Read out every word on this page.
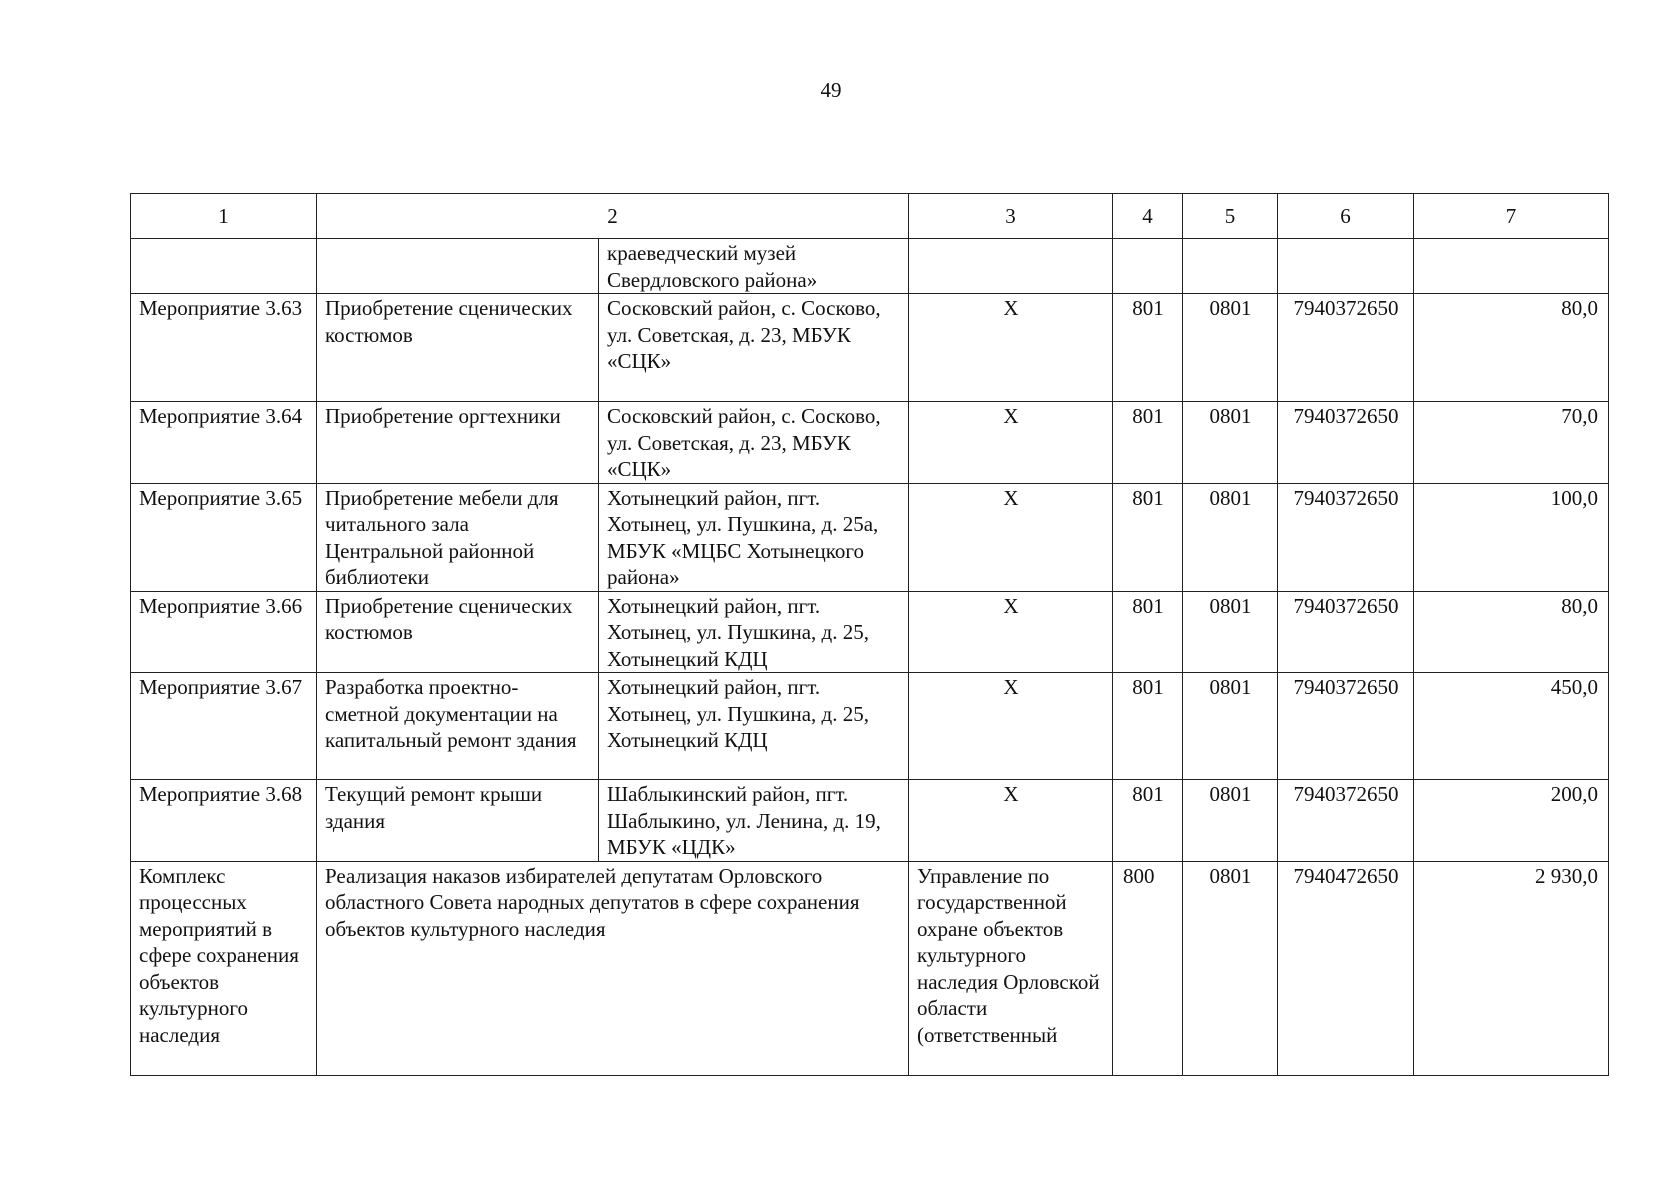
49
1	2		3	4	5	6	7
		краеведческий музей Свердловского района»					
Мероприятие 3.63	Приобретение сценических костюмов	Сосковский район, с. Сосково, ул. Советская, д. 23, МБУК «СЦК»	Х	801	0801	7940372650	80,0
Мероприятие 3.64	Приобретение оргтехники	Сосковский район, с. Сосково, ул. Советская, д. 23, МБУК «СЦК»	Х	801	0801	7940372650	70,0
Мероприятие 3.65	Приобретение мебели для читального зала Центральной районной библиотеки	Хотынецкий район, пгт. Хотынец, ул. Пушкина, д. 25а, МБУК «МЦБС Хотынецкого района»	Х	801	0801	7940372650	100,0
Мероприятие 3.66	Приобретение сценических костюмов	Хотынецкий район, пгт. Хотынец, ул. Пушкина, д. 25, Хотынецкий КДЦ	Х	801	0801	7940372650	80,0
Мероприятие 3.67	Разработка проектно-сметной документации на капитальный ремонт здания	Хотынецкий район, пгт. Хотынец, ул. Пушкина, д. 25, Хотынецкий КДЦ	Х	801	0801	7940372650	450,0
Мероприятие 3.68	Текущий ремонт крыши здания	Шаблыкинский район, пгт. Шаблыкино, ул. Ленина, д. 19, МБУК «ЦДК»	Х	801	0801	7940372650	200,0
Комплекс процессных мероприятий в сфере сохранения объектов культурного наследия	Реализация наказов избирателей депутатам Орловского областного Совета народных депутатов в сфере сохранения объектов культурного наследия		Управление по государственной охране объектов культурного наследия Орловской области (ответственный	800	0801	7940472650	2 930,0
